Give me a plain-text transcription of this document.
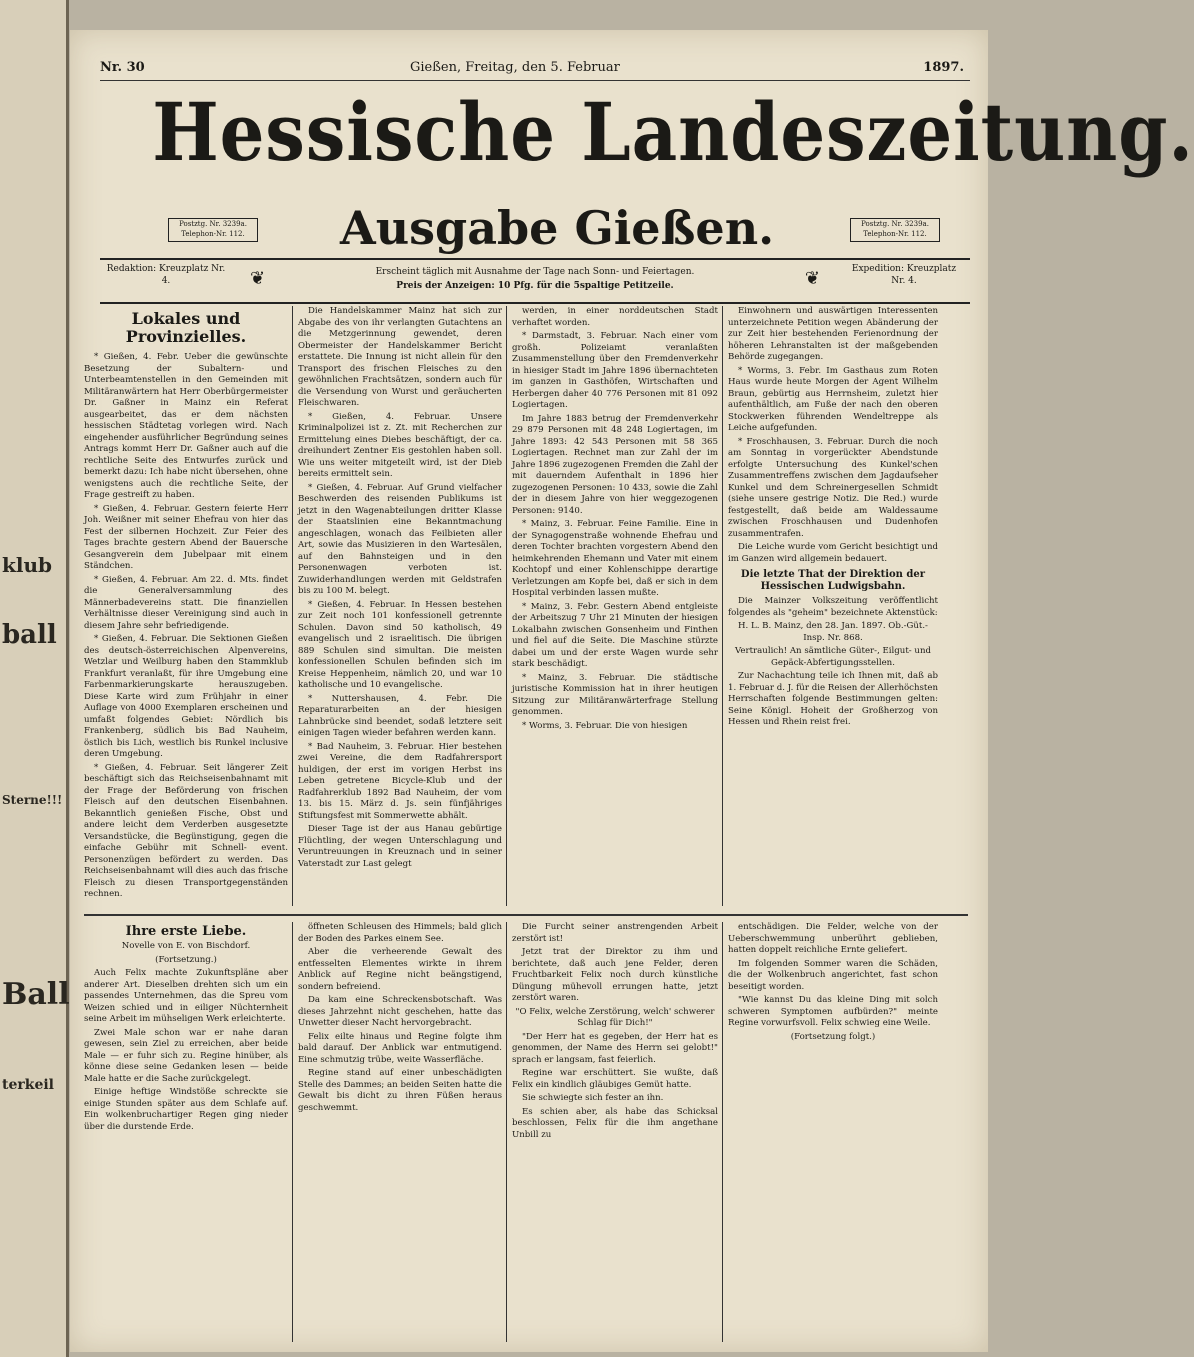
klub
ball
Sterne!!!
Ball
terkeil
Nr. 30	Gießen, Freitag, den 5. Februar	1897.
Hessische Landeszeitung.
Postztg. Nr. 3239a. Telephon-Nr. 112. Ausgabe Gießen.	Postztg. Nr. 3239a. Telephon-Nr. 112.
Redaktion: Kreuzplatz Nr. 4.	❦	Erscheint täglich mit Ausnahme der Tage nach Sonn- und Feiertagen.
Preis der Anzeigen: 10 Pfg. für die 5spaltige Petitzeile.	❦	Expedition: Kreuzplatz Nr. 4.
Lokales und Provinzielles.

* Gießen, 4. Febr. Ueber die gewünschte Besetzung der Subaltern- und Unterbeamtenstellen in den Gemeinden mit Militäranwärtern hat Herr Oberbürgermeister Dr. Gaßner in Mainz ein Referat ausgearbeitet, das er dem nächsten hessischen Städtetag vorlegen wird. Nach eingehender ausführlicher Begründung seines Antrags kommt Herr Dr. Gaßner auch auf die rechtliche Seite des Entwurfes zurück und bemerkt dazu: Ich habe nicht übersehen, ohne wenigstens auch die rechtliche Seite, der Frage gestreift zu haben.

* Gießen, 4. Februar. Gestern feierte Herr Joh. Weißner mit seiner Ehefrau von hier das Fest der silbernen Hochzeit. Zur Feier des Tages brachte gestern Abend der Bauersche Gesangverein dem Jubelpaar mit einem Ständchen.

* Gießen, 4. Februar. Am 22. d. Mts. findet die Generalversammlung des Männerbadevereins statt. Die finanziellen Verhältnisse dieser Vereinigung sind auch in diesem Jahre sehr befriedigende.

* Gießen, 4. Februar. Die Sektionen Gießen des deutsch-österreichischen Alpenvereins, Wetzlar und Weilburg haben den Stammklub Frankfurt veranlaßt, für ihre Umgebung eine Farbenmarkierungskarte herauszugeben. Diese Karte wird zum Frühjahr in einer Auflage von 4000 Exemplaren erscheinen und umfaßt folgendes Gebiet: Nördlich bis Frankenberg, südlich bis Bad Nauheim, östlich bis Lich, westlich bis Runkel inclusive deren Umgebung.

* Gießen, 4. Februar. Seit längerer Zeit beschäftigt sich das Reichseisenbahnamt mit der Frage der Beförderung von frischen Fleisch auf den deutschen Eisenbahnen. Bekanntlich genießen Fische, Obst und andere leicht dem Verderben ausgesetzte Versandstücke, die Begünstigung, gegen die einfache Gebühr mit Schnell- event. Personenzügen befördert zu werden. Das Reichseisenbahnamt will dies auch das frische Fleisch zu diesen Transportgegenständen rechnen.

Die Handelskammer Mainz hat sich zur Abgabe des von ihr verlangten Gutachtens an die Metzgerinnung gewendet, deren Obermeister der Handelskammer Bericht erstattete. Die Innung ist nicht allein für den Transport des frischen Fleisches zu den gewöhnlichen Frachtsätzen, sondern auch für die Versendung von Wurst und geräucherten Fleischwaren.

* Gießen, 4. Februar. Unsere Kriminalpolizei ist z. Zt. mit Recherchen zur Ermittelung eines Diebes beschäftigt, der ca. dreihundert Zentner Eis gestohlen haben soll. Wie uns weiter mitgeteilt wird, ist der Dieb bereits ermittelt sein.

* Gießen, 4. Februar. Auf Grund vielfacher Beschwerden des reisenden Publikums ist jetzt in den Wagenabteilungen dritter Klasse der Staatslinien eine Bekanntmachung angeschlagen, wonach das Feilbieten aller Art, sowie das Musizieren in den Wartesälen, auf den Bahnsteigen und in den Personenwagen verboten ist. Zuwiderhandlungen werden mit Geldstrafen bis zu 100 M. belegt.

* Gießen, 4. Februar. In Hessen bestehen zur Zeit noch 101 konfessionell getrennte Schulen. Davon sind 50 katholisch, 49 evangelisch und 2 israelitisch. Die übrigen 889 Schulen sind simultan. Die meisten konfessionellen Schulen befinden sich im Kreise Heppenheim, nämlich 20, und war 10 katholische und 10 evangelische.

* Nuttershausen, 4. Febr. Die Reparaturarbeiten an der hiesigen Lahnbrücke sind beendet, sodaß letztere seit einigen Tagen wieder befahren werden kann.

* Bad Nauheim, 3. Februar. Hier bestehen zwei Vereine, die dem Radfahrersport huldigen, der erst im vorigen Herbst ins Leben getretene Bicycle-Klub und der Radfahrerklub 1892 Bad Nauheim, der vom 13. bis 15. März d. Js. sein fünfjähriges Stiftungsfest mit Sommerwette abhält.

Dieser Tage ist der aus Hanau gebürtige Flüchtling, der wegen Unterschlagung und Veruntreuungen in Kreuznach und in seiner Vaterstadt zur Last gelegt

werden, in einer norddeutschen Stadt verhaftet worden.

* Darmstadt, 3. Februar. Nach einer vom großh. Polizeiamt veranlaßten Zusammenstellung über den Fremdenverkehr in hiesiger Stadt im Jahre 1896 übernachteten im ganzen in Gasthöfen, Wirtschaften und Herbergen daher 40 776 Personen mit 81 092 Logiertagen.

Im Jahre 1883 betrug der Fremdenverkehr 29 879 Personen mit 48 248 Logiertagen, im Jahre 1893: 42 543 Personen mit 58 365 Logiertagen. Rechnet man zur Zahl der im Jahre 1896 zugezogenen Fremden die Zahl der mit dauerndem Aufenthalt in 1896 hier zugezogenen Personen: 10 433, sowie die Zahl der in diesem Jahre von hier weggezogenen Personen: 9140.

* Mainz, 3. Februar. Feine Familie. Eine in der Synagogenstraße wohnende Ehefrau und deren Tochter brachten vorgestern Abend den heimkehrenden Ehemann und Vater mit einem Kochtopf und einer Kohlenschippe derartige Verletzungen am Kopfe bei, daß er sich in dem Hospital verbinden lassen mußte.

* Mainz, 3. Febr. Gestern Abend entgleiste der Arbeitszug 7 Uhr 21 Minuten der hiesigen Lokalbahn zwischen Gonsenheim und Finthen und fiel auf die Seite. Die Maschine stürzte dabei um und der erste Wagen wurde sehr stark beschädigt.

* Mainz, 3. Februar. Die städtische juristische Kommission hat in ihrer heutigen Sitzung zur Militäranwärterfrage Stellung genommen.

* Worms, 3. Februar. Die von hiesigen

Einwohnern und auswärtigen Interessenten unterzeichnete Petition wegen Abänderung der zur Zeit hier bestehenden Ferienordnung der höheren Lehranstalten ist der maßgebenden Behörde zugegangen.

* Worms, 3. Febr. Im Gasthaus zum Roten Haus wurde heute Morgen der Agent Wilhelm Braun, gebürtig aus Herrnsheim, zuletzt hier aufenthältlich, am Fuße der nach den oberen Stockwerken führenden Wendeltreppe als Leiche aufgefunden.

* Froschhausen, 3. Februar. Durch die noch am Sonntag in vorgerückter Abendstunde erfolgte Untersuchung des Kunkel'schen Zusammentreffens zwischen dem Jagdaufseher Kunkel und dem Schreinergesellen Schmidt (siehe unsere gestrige Notiz. Die Red.) wurde festgestellt, daß beide am Waldessaume zwischen Froschhausen und Dudenhofen zusammentrafen.

Die Leiche wurde vom Gericht besichtigt und im Ganzen wird allgemein bedauert.

Die letzte That der Direktion der Hessischen Ludwigsbahn.

Die Mainzer Volkszeitung veröffentlicht folgendes als "geheim" bezeichnete Aktenstück:

H. L. B. Mainz, den 28. Jan. 1897. Ob.-Güt.-Insp. Nr. 868.

Vertraulich! An sämtliche Güter-, Eilgut- und Gepäck-Abfertigungsstellen.

Zur Nachachtung teile ich Ihnen mit, daß ab 1. Februar d. J. für die Reisen der Allerhöchsten Herrschaften folgende Bestimmungen gelten: Seine Königl. Hoheit der Großherzog von Hessen und Rhein reist frei.

Ihre erste Liebe.

Novelle von E. von Bischdorf.

(Fortsetzung.)

Auch Felix machte Zukunftspläne aber anderer Art. Dieselben drehten sich um ein passendes Unternehmen, das die Spreu vom Weizen schied und in eiliger Nüchternheit seine Arbeit im mühseligen Werk erleichterte.

Zwei Male schon war er nahe daran gewesen, sein Ziel zu erreichen, aber beide Male — er fuhr sich zu. Regine hinüber, als könne diese seine Gedanken lesen — beide Male hatte er die Sache zurückgelegt.

Einige heftige Windstöße schreckte sie einige Stunden später aus dem Schlafe auf. Ein wolkenbruchartiger Regen ging nieder über die durstende Erde.

öffneten Schleusen des Himmels; bald glich der Boden des Parkes einem See.

Aber die verheerende Gewalt des entfesselten Elementes wirkte in ihrem Anblick auf Regine nicht beängstigend, sondern befreiend.

Da kam eine Schreckensbotschaft. Was dieses Jahrzehnt nicht geschehen, hatte das Unwetter dieser Nacht hervorgebracht.

Felix eilte hinaus und Regine folgte ihm bald darauf. Der Anblick war entmutigend. Eine schmutzig trübe, weite Wasserfläche.

Regine stand auf einer unbeschädigten Stelle des Dammes; an beiden Seiten hatte die Gewalt bis dicht zu ihren Füßen heraus geschwemmt.

Die Furcht seiner anstrengenden Arbeit zerstört ist!

Jetzt trat der Direktor zu ihm und berichtete, daß auch jene Felder, deren Fruchtbarkeit Felix noch durch künstliche Düngung mühevoll errungen hatte, jetzt zerstört waren.

"O Felix, welche Zerstörung, welch' schwerer Schlag für Dich!"

"Der Herr hat es gegeben, der Herr hat es genommen, der Name des Herrn sei gelobt!" sprach er langsam, fast feierlich.

Regine war erschüttert. Sie wußte, daß Felix ein kindlich gläubiges Gemüt hatte.

Sie schwiegte sich fester an ihn.

Es schien aber, als habe das Schicksal beschlossen, Felix für die ihm angethane Unbill zu

entschädigen. Die Felder, welche von der Ueberschwemmung unberührt geblieben, hatten doppelt reichliche Ernte geliefert.

Im folgenden Sommer waren die Schäden, die der Wolkenbruch angerichtet, fast schon beseitigt worden.

"Wie kannst Du das kleine Ding mit solch schweren Symptomen aufbürden?" meinte Regine vorwurfsvoll. Felix schwieg eine Weile.

(Fortsetzung folgt.)
